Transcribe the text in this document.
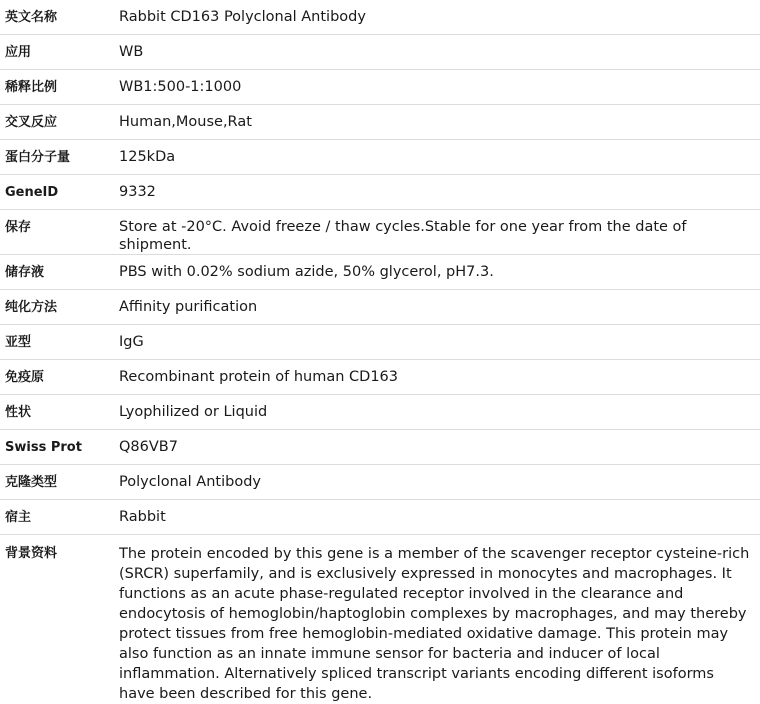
英文名称	Rabbit CD163 Polyclonal Antibody

应用	WB

稀释比例	WB1:500-1:1000

交叉反应	Human,Mouse,Rat

蛋白分子量	125kDa

GeneID	9332

保存	Store at -20°C. Avoid freeze / thaw cycles.Stable for one year from the date of shipment.

储存液	PBS with 0.02% sodium azide, 50% glycerol, pH7.3.

纯化方法	Affinity purification

亚型	IgG

免疫原	Recombinant protein of human CD163

性状	Lyophilized or Liquid

Swiss Prot	Q86VB7

克隆类型	Polyclonal Antibody

宿主	Rabbit

背景资料	The protein encoded by this gene is a member of the scavenger receptor cysteine-rich (SRCR) superfamily, and is exclusively expressed in monocytes and macrophages. It functions as an acute phase-regulated receptor involved in the clearance and endocytosis of hemoglobin/haptoglobin complexes by macrophages, and may thereby protect tissues from free hemoglobin-mediated oxidative damage. This protein may also function as an innate immune sensor for bacteria and inducer of local inflammation. Alternatively spliced transcript variants encoding different isoforms have been described for this gene.
